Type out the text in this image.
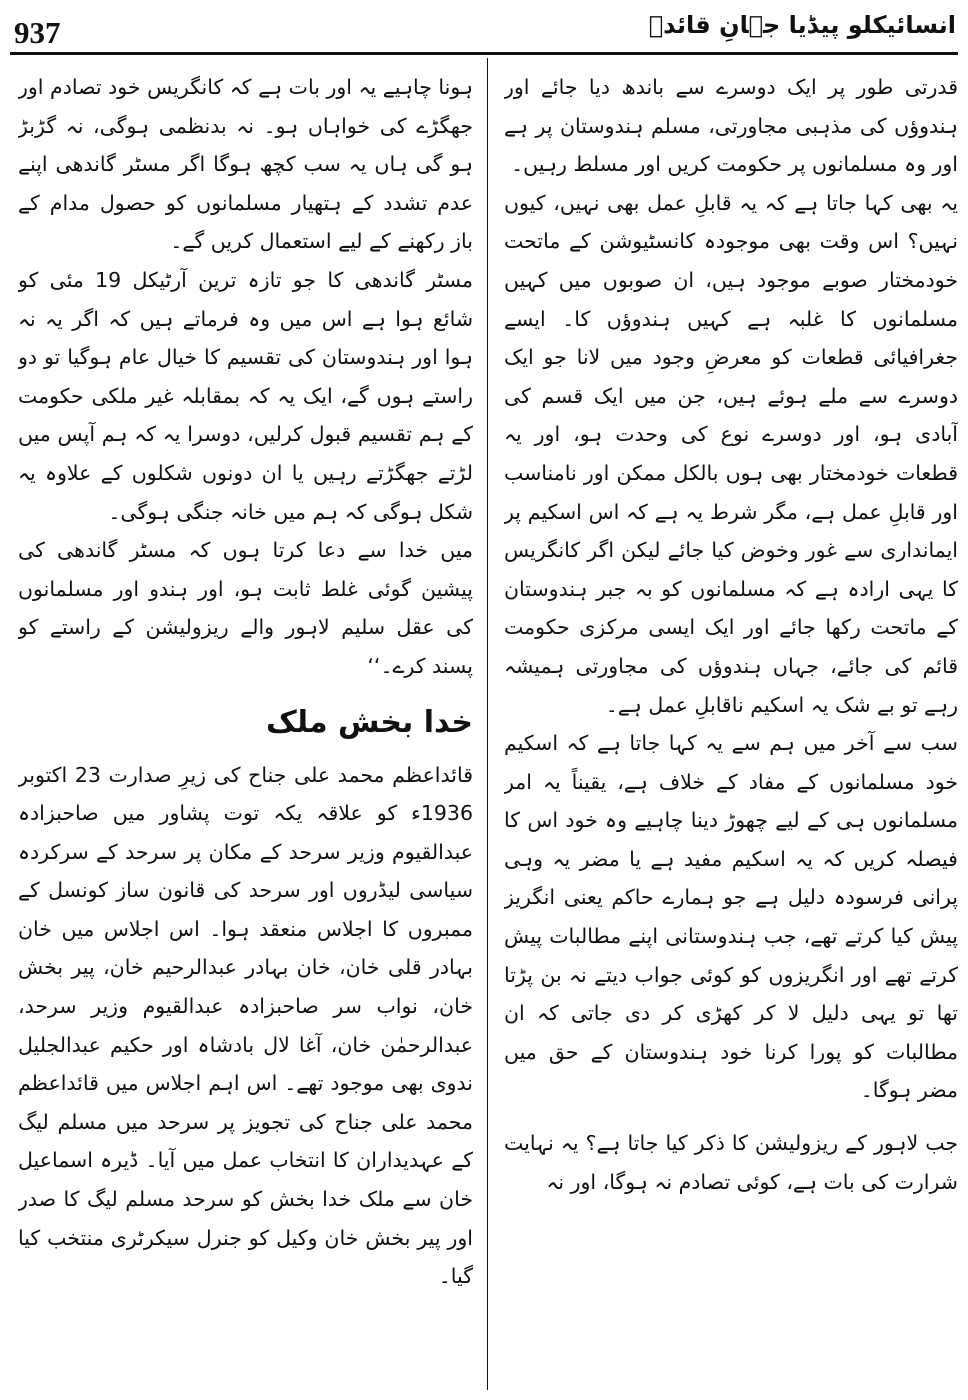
937	انسائیکلو پیڈیا جہانِ قائدؒ

قدرتی طور پر ایک دوسرے سے باندھ دیا جائے اور ہندوؤں کی مذہبی مجاورتی، مسلم ہندوستان پر ہے اور وہ مسلمانوں پر حکومت کریں اور مسلط رہیں۔

یہ بھی کہا جاتا ہے کہ یہ قابلِ عمل بھی نہیں، کیوں نہیں؟ اس وقت بھی موجودہ کانسٹیوشن کے ماتحت خودمختار صوبے موجود ہیں، ان صوبوں میں کہیں مسلمانوں کا غلبہ ہے کہیں ہندوؤں کا۔ ایسے جغرافیائی قطعات کو معرضِ وجود میں لانا جو ایک دوسرے سے ملے ہوئے ہیں، جن میں ایک قسم کی آبادی ہو، اور دوسرے نوع کی وحدت ہو، اور یہ قطعات خودمختار بھی ہوں بالکل ممکن اور نامناسب اور قابلِ عمل ہے، مگر شرط یہ ہے کہ اس اسکیم پر ایمانداری سے غور وخوض کیا جائے لیکن اگر کانگریس کا یہی ارادہ ہے کہ مسلمانوں کو بہ جبر ہندوستان کے ماتحت رکھا جائے اور ایک ایسی مرکزی حکومت قائم کی جائے، جہاں ہندوؤں کی مجاورتی ہمیشہ رہے تو بے شک یہ اسکیم ناقابلِ عمل ہے۔

سب سے آخر میں ہم سے یہ کہا جاتا ہے کہ اسکیم خود مسلمانوں کے مفاد کے خلاف ہے، یقیناً یہ امر مسلمانوں ہی کے لیے چھوڑ دینا چاہیے وہ خود اس کا فیصلہ کریں کہ یہ اسکیم مفید ہے یا مضر یہ وہی پرانی فرسودہ دلیل ہے جو ہمارے حاکم یعنی انگریز پیش کیا کرتے تھے، جب ہندوستانی اپنے مطالبات پیش کرتے تھے اور انگریزوں کو کوئی جواب دیتے نہ بن پڑتا تھا تو یہی دلیل لا کر کھڑی کر دی جاتی کہ ان مطالبات کو پورا کرنا خود ہندوستان کے حق میں مضر ہوگا۔

جب لاہور کے ریزولیشن کا ذکر کیا جاتا ہے؟ یہ نہایت شرارت کی بات ہے، کوئی تصادم نہ ہوگا، اور نہ

ہونا چاہیے یہ اور بات ہے کہ کانگریس خود تصادم اور جھگڑے کی خواہاں ہو۔ نہ بدنظمی ہوگی، نہ گڑبڑ ہو گی ہاں یہ سب کچھ ہوگا اگر مسٹر گاندھی اپنے عدم تشدد کے ہتھیار مسلمانوں کو حصول مدام کے باز رکھنے کے لیے استعمال کریں گے۔

مسٹر گاندھی کا جو تازہ ترین آرٹیکل 19 مئی کو شائع ہوا ہے اس میں وہ فرماتے ہیں کہ اگر یہ نہ ہوا اور ہندوستان کی تقسیم کا خیال عام ہوگیا تو دو راستے ہوں گے، ایک یہ کہ بمقابلہ غیر ملکی حکومت کے ہم تقسیم قبول کرلیں، دوسرا یہ کہ ہم آپس میں لڑتے جھگڑتے رہیں یا ان دونوں شکلوں کے علاوہ یہ شکل ہوگی کہ ہم میں خانہ جنگی ہوگی۔

میں خدا سے دعا کرتا ہوں کہ مسٹر گاندھی کی پیشین گوئی غلط ثابت ہو، اور ہندو اور مسلمانوں کی عقل سلیم لاہور والے ریزولیشن کے راستے کو پسند کرے۔‘‘

خدا بخش ملک

قائداعظم محمد علی جناح کی زیرِ صدارت 23 اکتوبر 1936ء کو علاقہ یکہ توت پشاور میں صاحبزادہ عبدالقیوم وزیر سرحد کے مکان پر سرحد کے سرکردہ سیاسی لیڈروں اور سرحد کی قانون ساز کونسل کے ممبروں کا اجلاس منعقد ہوا۔ اس اجلاس میں خان بہادر قلی خان، خان بہادر عبدالرحیم خان، پیر بخش خان، نواب سر صاحبزادہ عبدالقیوم وزیر سرحد، عبدالرحمٰن خان، آغا لال بادشاہ اور حکیم عبدالجلیل ندوی بھی موجود تھے۔ اس اہم اجلاس میں قائداعظم محمد علی جناح کی تجویز پر سرحد میں مسلم لیگ کے عہدیداران کا انتخاب عمل میں آیا۔ ڈیرہ اسماعیل خان سے ملک خدا بخش کو سرحد مسلم لیگ کا صدر اور پیر بخش خان وکیل کو جنرل سیکرٹری منتخب کیا گیا۔
